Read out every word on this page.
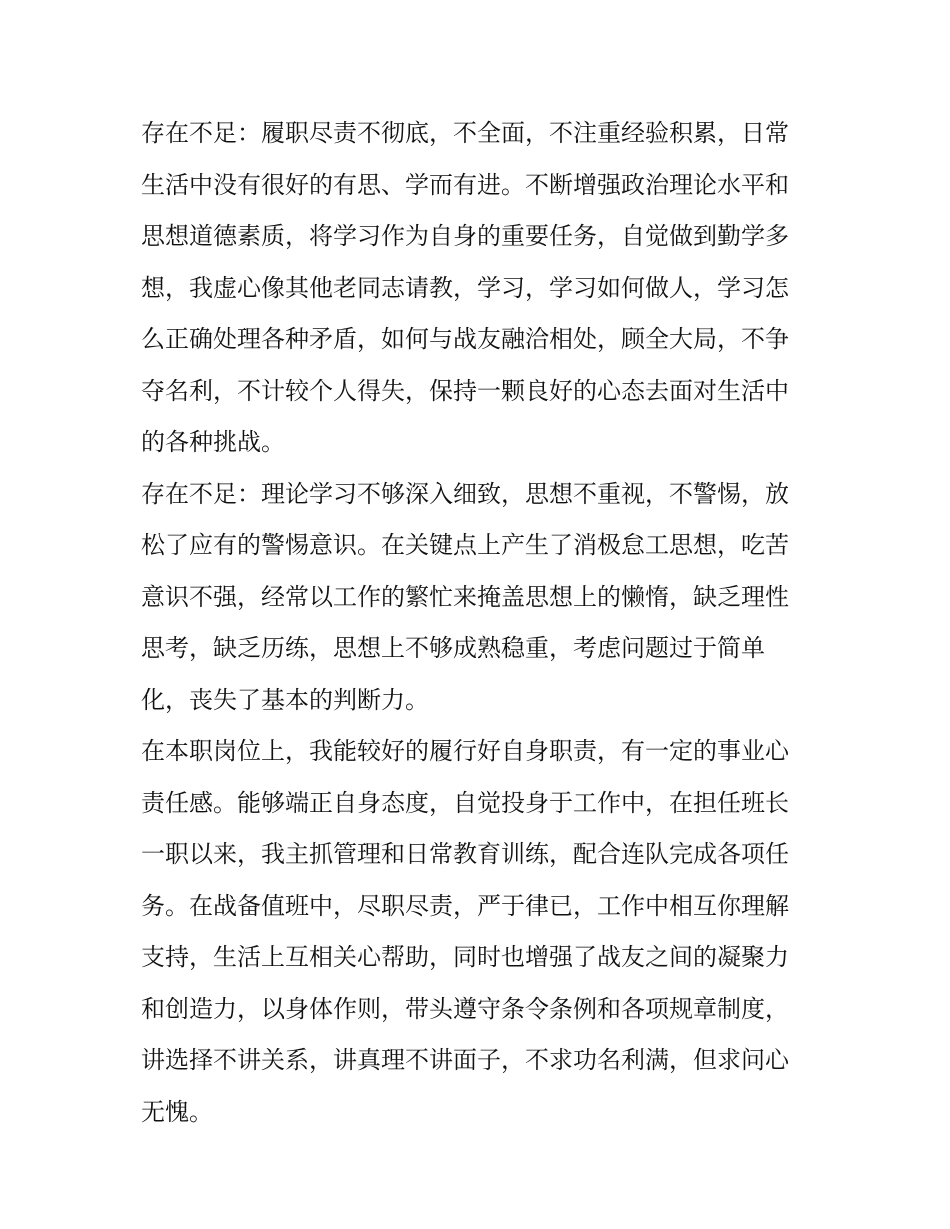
存在不足：履职尽责不彻底，不全面，不注重经验积累，日常
生活中没有很好的有思、学而有进。不断增强政治理论水平和
思想道德素质，将学习作为自身的重要任务，自觉做到勤学多
想，我虚心像其他老同志请教，学习，学习如何做人，学习怎
么正确处理各种矛盾，如何与战友融洽相处，顾全大局，不争
夺名利，不计较个人得失，保持一颗良好的心态去面对生活中
的各种挑战。
存在不足：理论学习不够深入细致，思想不重视，不警惕，放
松了应有的警惕意识。在关键点上产生了消极怠工思想，吃苦
意识不强，经常以工作的繁忙来掩盖思想上的懒惰，缺乏理性
思考，缺乏历练，思想上不够成熟稳重，考虑问题过于简单
化，丧失了基本的判断力。
在本职岗位上，我能较好的履行好自身职责，有一定的事业心
责任感。能够端正自身态度，自觉投身于工作中，在担任班长
一职以来，我主抓管理和日常教育训练，配合连队完成各项任
务。在战备值班中，尽职尽责，严于律已，工作中相互你理解
支持，生活上互相关心帮助，同时也增强了战友之间的凝聚力
和创造力，以身体作则，带头遵守条令条例和各项规章制度，
讲选择不讲关系，讲真理不讲面子，不求功名利满，但求问心
无愧。
